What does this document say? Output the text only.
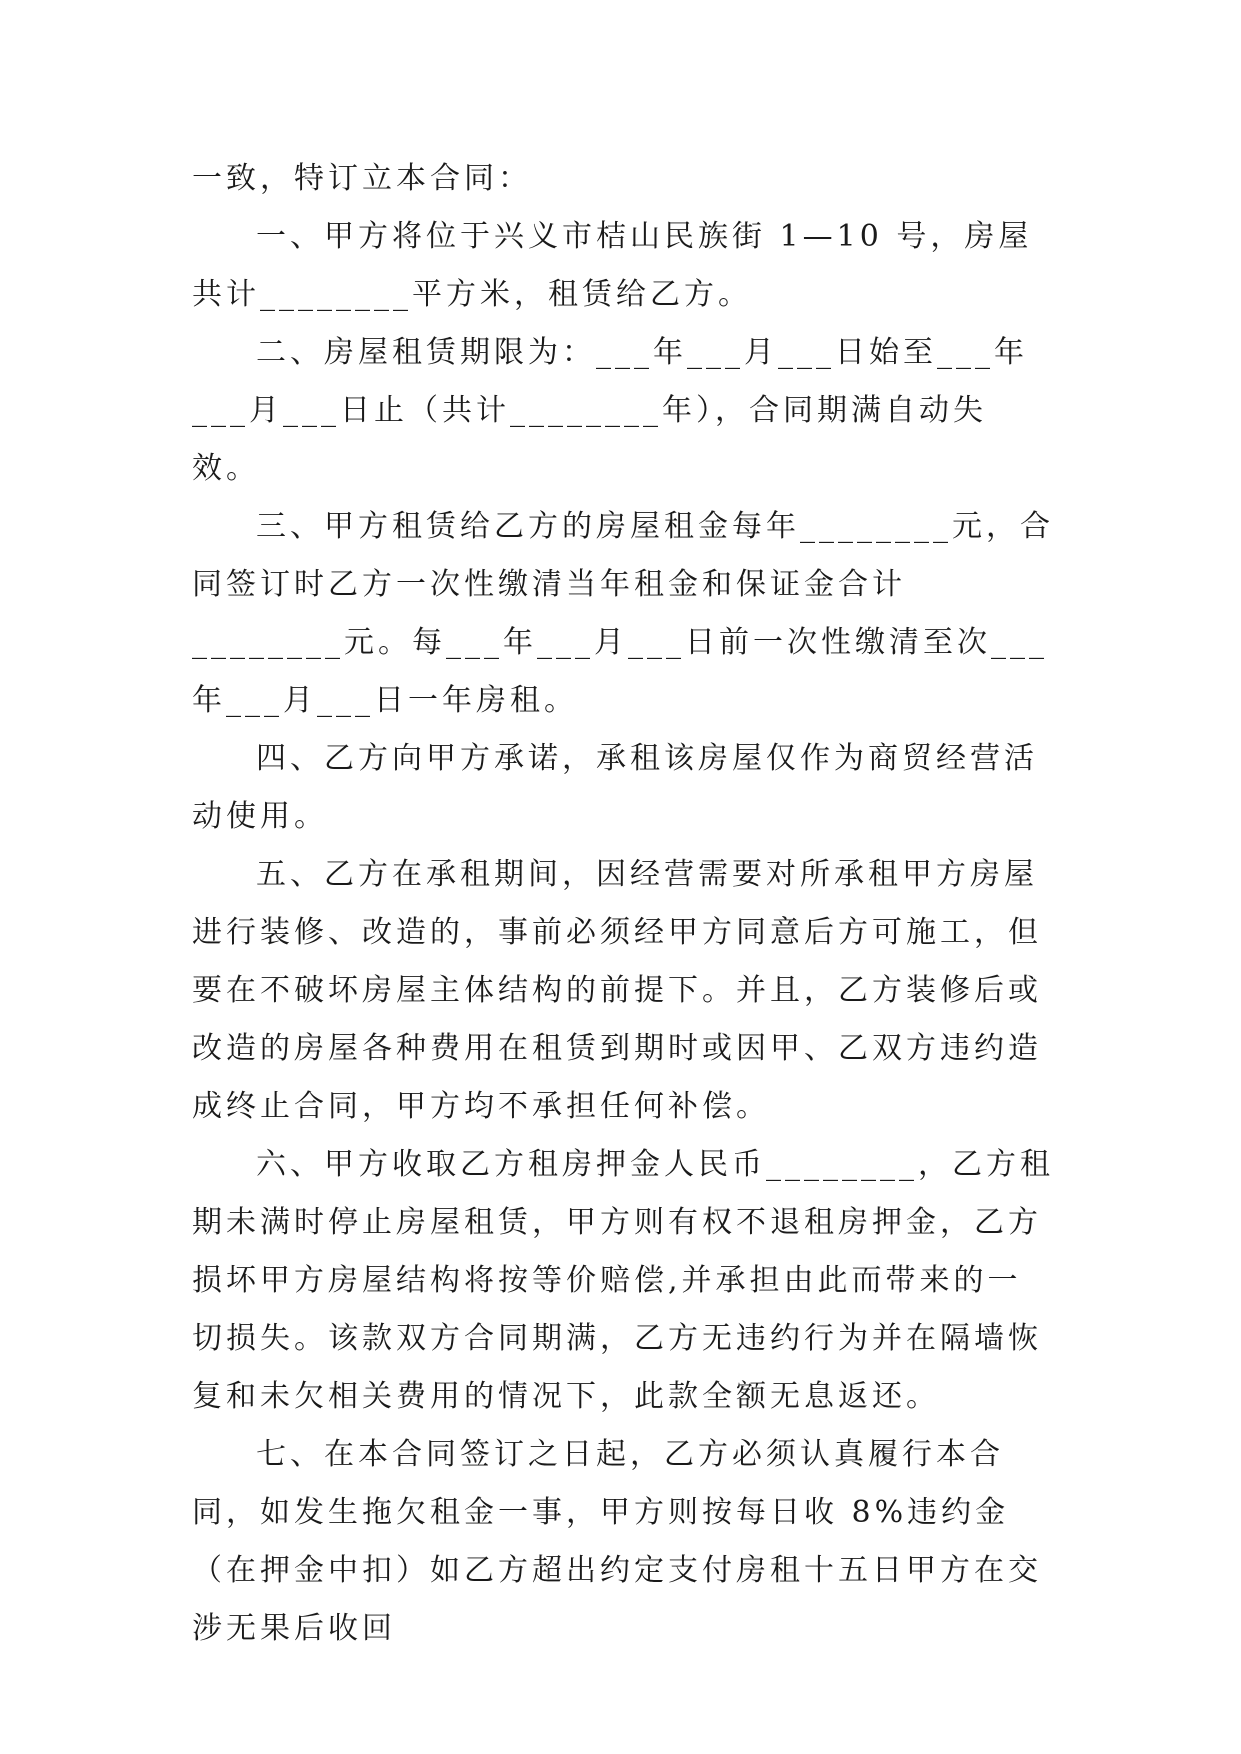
一致，特订立本合同：

一、甲方将位于兴义市桔山民族街 1—10 号，房屋共计________平方米，租赁给乙方。

二、房屋租赁期限为：___年___月___日始至___年___月___日止（共计________年），合同期满自动失效。

三、甲方租赁给乙方的房屋租金每年________元，合同签订时乙方一次性缴清当年租金和保证金合计________元。每___年___月___日前一次性缴清至次___年___月___日一年房租。

四、乙方向甲方承诺，承租该房屋仅作为商贸经营活动使用。

五、乙方在承租期间，因经营需要对所承租甲方房屋进行装修、改造的，事前必须经甲方同意后方可施工，但要在不破坏房屋主体结构的前提下。并且，乙方装修后或改造的房屋各种费用在租赁到期时或因甲、乙双方违约造成终止合同，甲方均不承担任何补偿。

六、甲方收取乙方租房押金人民币________，乙方租期未满时停止房屋租赁，甲方则有权不退租房押金，乙方损坏甲方房屋结构将按等价赔偿,并承担由此而带来的一切损失。该款双方合同期满，乙方无违约行为并在隔墙恢复和未欠相关费用的情况下，此款全额无息返还。

七、在本合同签订之日起，乙方必须认真履行本合同，如发生拖欠租金一事，甲方则按每日收 8%违约金（在押金中扣）如乙方超出约定支付房租十五日甲方在交涉无果后收回
